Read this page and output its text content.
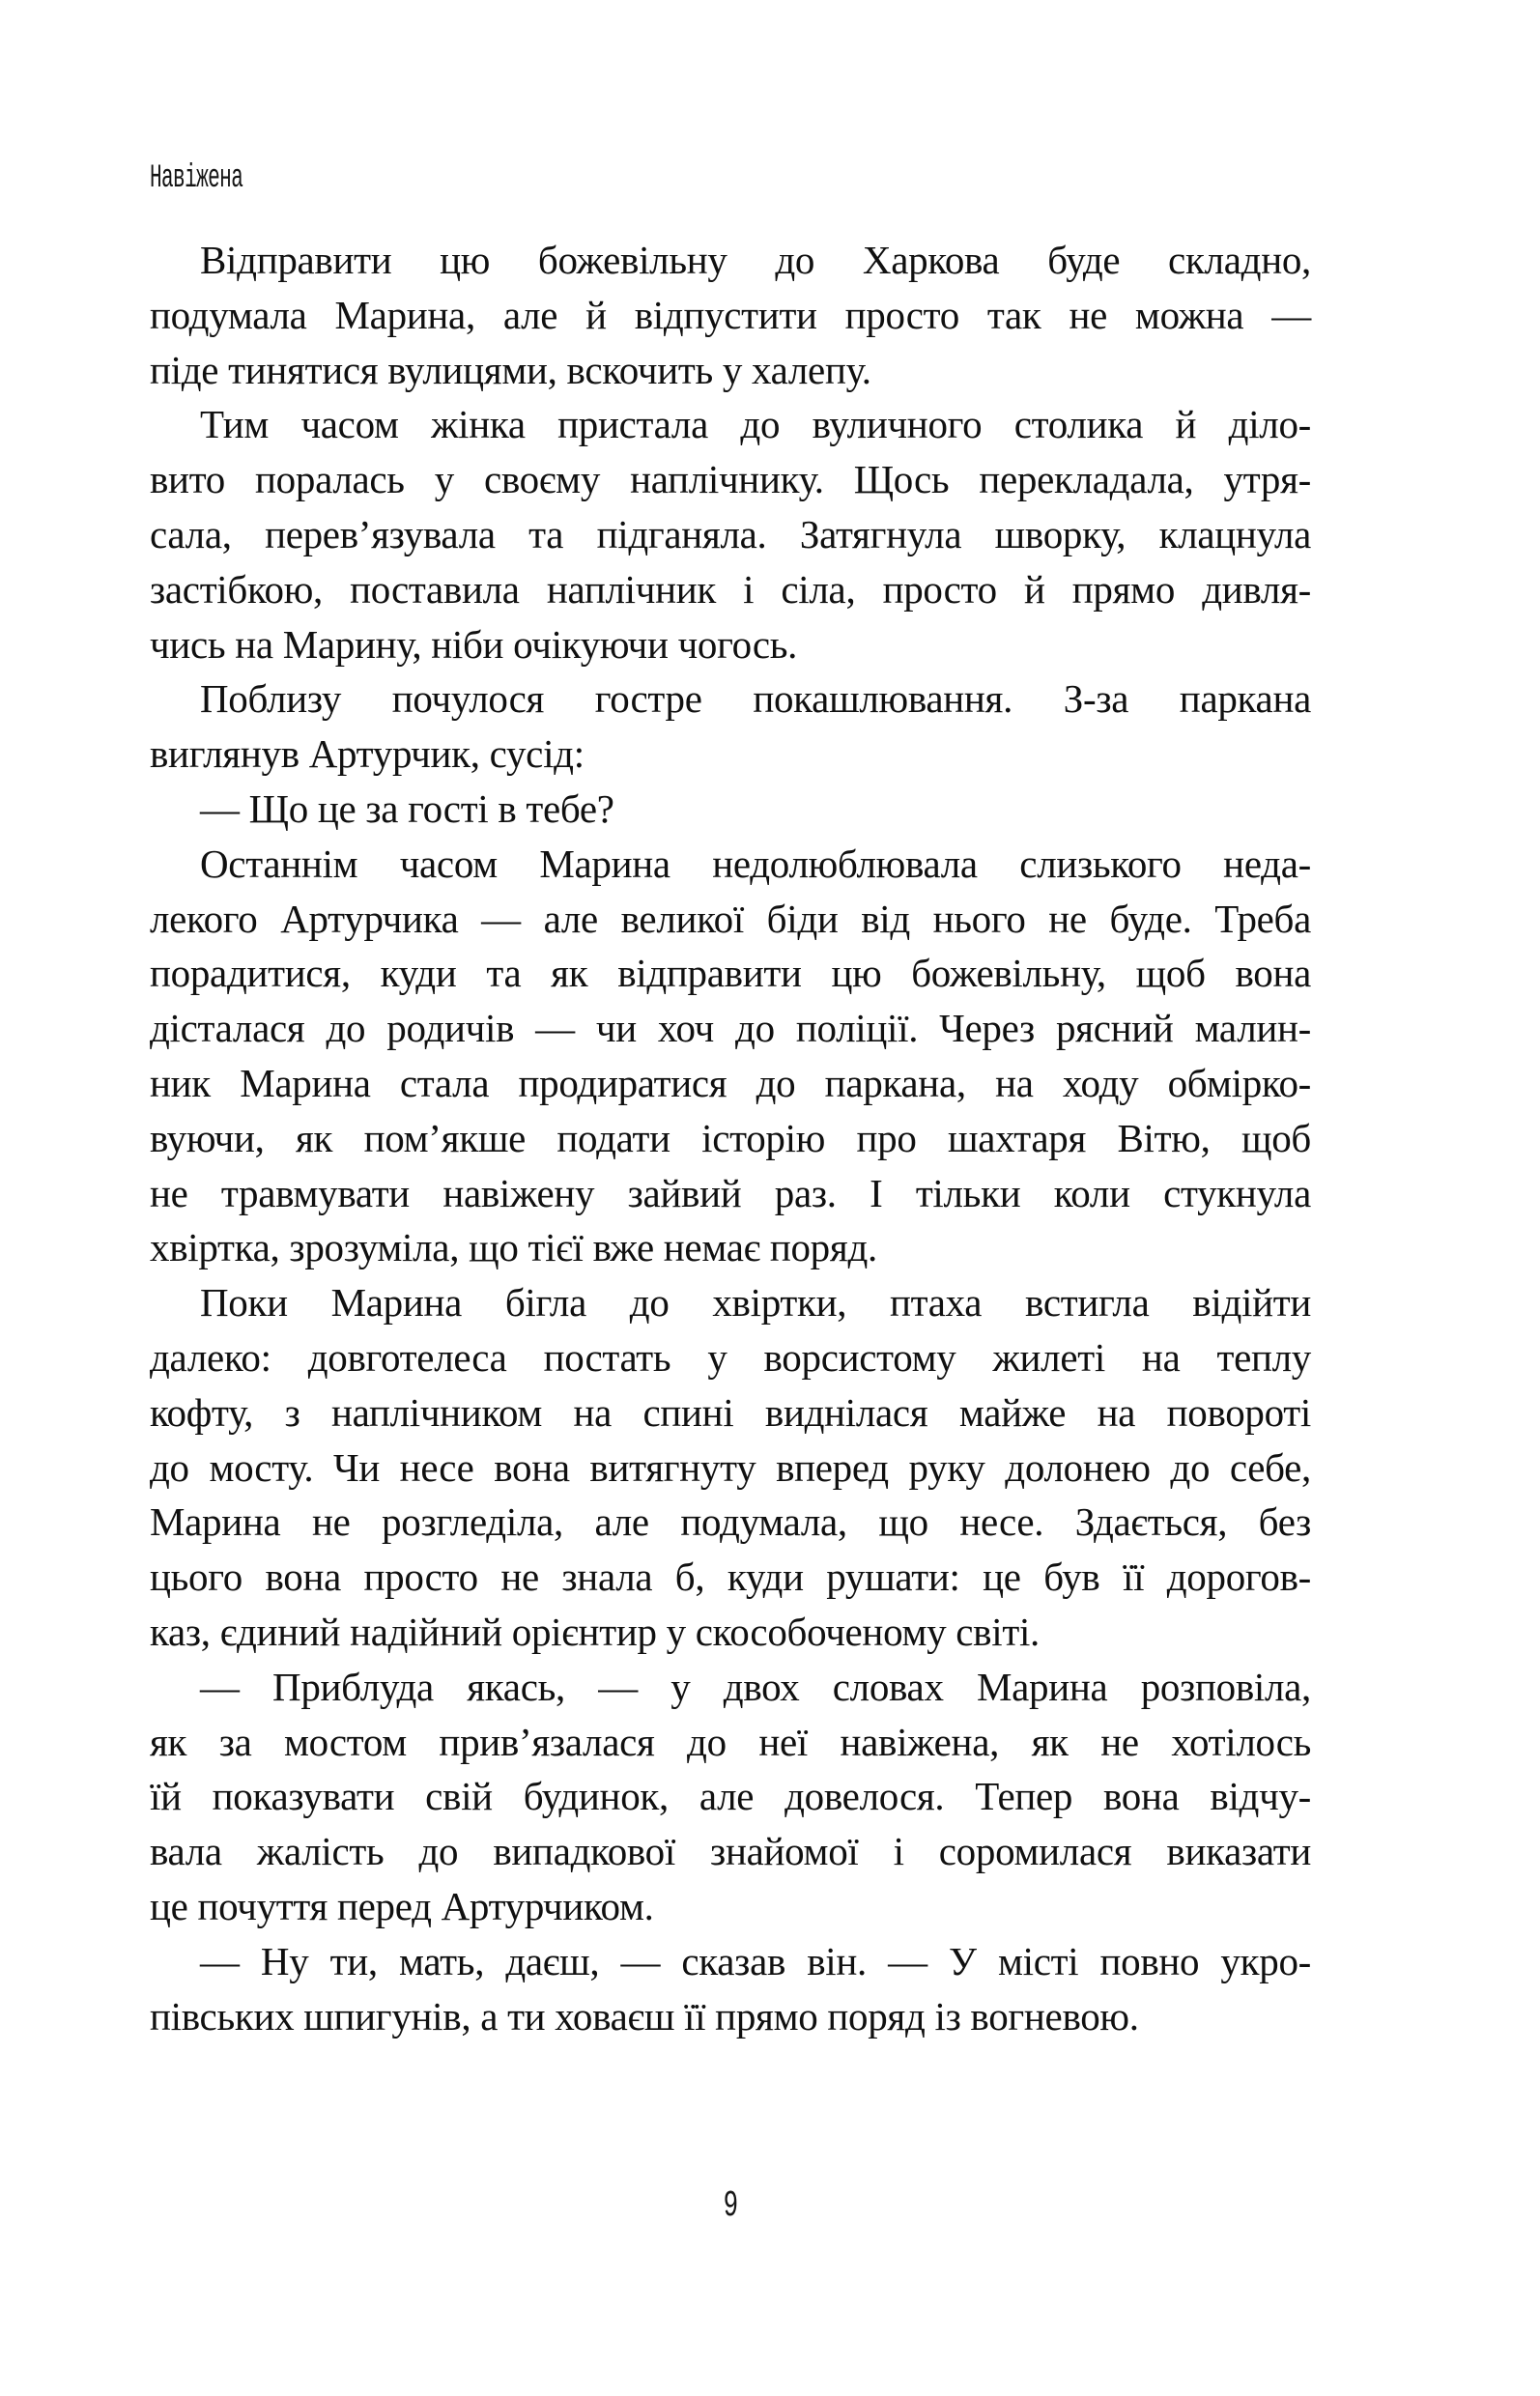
Навіжена
Відправити цю божевільну до Харкова буде складно,
подумала Марина, але й відпустити просто так не можна —
піде тинятися вулицями, вскочить у халепу.
Тим часом жінка пристала до вуличного столика й діло-
вито поралась у своєму наплічнику. Щось перекладала, утря-
сала, перев’язувала та підганяла. Затягнула шворку, клацнула
застібкою, поставила наплічник і сіла, просто й прямо дивля-
чись на Марину, ніби очікуючи чогось.
Поблизу почулося гостре покашлювання. З-за паркана
виглянув Артурчик, сусід:
— Що це за гості в тебе?
Останнім часом Марина недолюблювала слизького неда-
лекого Артурчика — але великої біди від нього не буде. Треба
порадитися, куди та як відправити цю божевільну, щоб вона
дісталася до родичів — чи хоч до поліції. Через рясний малин-
ник Марина стала продиратися до паркана, на ходу обмірко-
вуючи, як пом’якше подати історію про шахтаря Вітю, щоб
не травмувати навіжену зайвий раз. І тільки коли стукнула
хвіртка, зрозуміла, що тієї вже немає поряд.
Поки Марина бігла до хвіртки, птаха встигла відійти
далеко: довготелеса постать у ворсистому жилеті на теплу
кофту, з наплічником на спині виднілася майже на повороті
до мосту. Чи несе вона витягнуту вперед руку долонею до себе,
Марина не розгледіла, але подумала, що несе. Здається, без
цього вона просто не знала б, куди рушати: це був її дорогов-
каз, єдиний надійний орієнтир у скособоченому світі.
— Приблуда якась, — у двох словах Марина розповіла,
як за мостом прив’язалася до неї навіжена, як не хотілось
їй показувати свій будинок, але довелося. Тепер вона відчу-
вала жалість до випадкової знайомої і соромилася виказати
це почуття перед Артурчиком.
— Ну ти, мать, даєш, — сказав він. — У місті повно укро-
півських шпигунів, а ти ховаєш її прямо поряд із вогневою.
9
